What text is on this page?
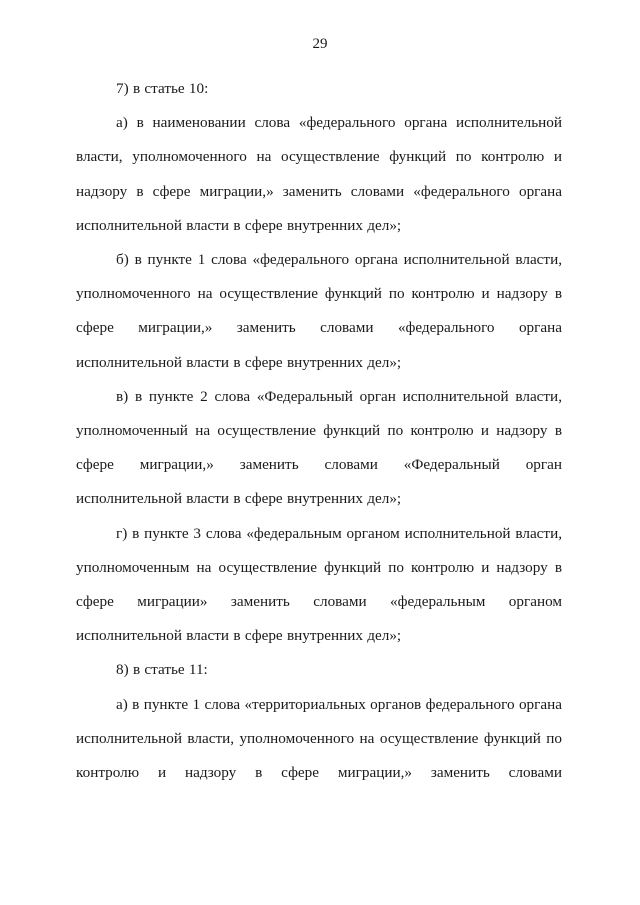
29

7) в статье 10:

а) в наименовании слова «федерального органа исполнительной власти, уполномоченного на осуществление функций по контролю и надзору в сфере миграции,» заменить словами «федерального органа исполнительной власти в сфере внутренних дел»;

б) в пункте 1 слова «федерального органа исполнительной власти, уполномоченного на осуществление функций по контролю и надзору в сфере миграции,» заменить словами «федерального органа исполнительной власти в сфере внутренних дел»;

в) в пункте 2 слова «Федеральный орган исполнительной власти, уполномоченный на осуществление функций по контролю и надзору в сфере миграции,» заменить словами «Федеральный орган исполнительной власти в сфере внутренних дел»;

г) в пункте 3 слова «федеральным органом исполнительной власти, уполномоченным на осуществление функций по контролю и надзору в сфере миграции» заменить словами «федеральным органом исполнительной власти в сфере внутренних дел»;

8) в статье 11:

а) в пункте 1 слова «территориальных органов федерального органа исполнительной власти, уполномоченного на осуществление функций по контролю и надзору в сфере миграции,» заменить словами
